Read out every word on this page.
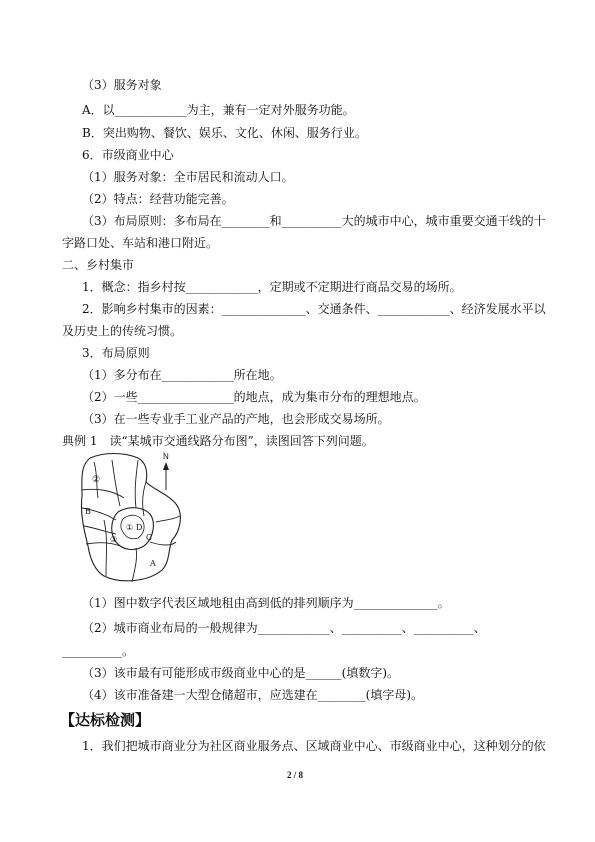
（3）服务对象
A．以____________为主，兼有一定对外服务功能。
B．突出购物、餐饮、娱乐、文化、休闲、服务行业。
6．市级商业中心
（1）服务对象：全市居民和流动人口。
（2）特点：经营功能完善。
（3）布局原则：多布局在________和__________大的城市中心，城市重要交通干线的十
字路口处、车站和港口附近。
二、乡村集市
1．概念：指乡村按____________，定期或不定期进行商品交易的场所。
2．影响乡村集市的因素：______________、交通条件、____________、经济发展水平以
及历史上的传统习惯。
3．布局原则
（1）多分布在____________所在地。
（2）一些________________的地点，成为集市分布的理想地点。
（3）在一些专业手工业产品的产地，也会形成交易场所。
典例 1　读“某城市交通线路分布图”，读图回答下列问题。
N
②
B
① D
C
③
A
（1）图中数字代表区域地租由高到低的排列顺序为______________。
（2）城市商业布局的一般规律为____________、__________、__________、
__________。
（3）该市最有可能形成市级商业中心的是______(填数字)。
（4）该市准备建一大型仓储超市，应选建在________(填字母)。
【达标检测】
1．我们把城市商业分为社区商业服务点、区域商业中心、市级商业中心，这种划分的依
2 / 8
